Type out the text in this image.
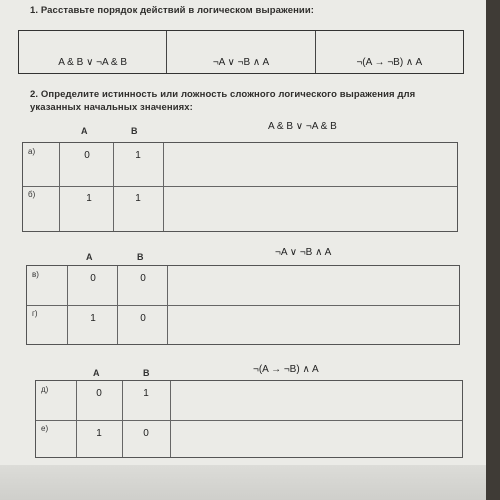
1. Расставьте порядок действий в логическом выражении:
A & B ∨ ¬A & B	¬A ∨ ¬B ∧ A	¬(A → ¬B) ∧ A
2. Определите истинность или ложность сложного логического выражения для указанных начальных значениях:
A	B	A & B ∨ ¬A & B
а)	0	1
б)	1	1
A	B	¬A ∨ ¬B ∧ A
в)	0	0
г)	1	0
A	B	¬(A → ¬B) ∧ A
д)	0	1
е)	1	0
